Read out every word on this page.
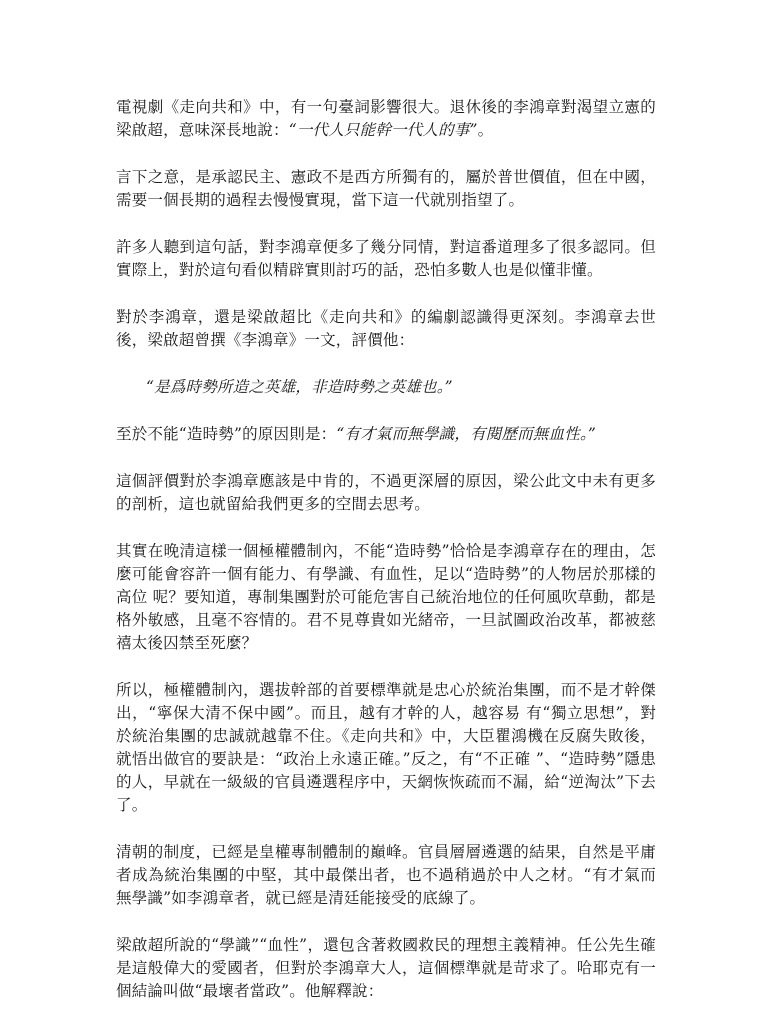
電視劇《走向共和》中，有一句臺詞影響很大。退休後的李鴻章對渴望立憲的梁啟超，意味深長地說：“一代人只能幹一代人的事”。

言下之意，是承認民主、憲政不是西方所獨有的，屬於普世價值，但在中國，需要一個長期的過程去慢慢實現，當下這一代就別指望了。

許多人聽到這句話，對李鴻章便多了幾分同情，對這番道理多了很多認同。但實際上，對於這句看似精辟實則討巧的話，恐怕多數人也是似懂非懂。

對於李鴻章，還是梁啟超比《走向共和》的編劇認識得更深刻。李鴻章去世後，梁啟超曾撰《李鴻章》一文，評價他：

“是爲時勢所造之英雄，非造時勢之英雄也。”

至於不能“造時勢”的原因則是：“有才氣而無學識，有閱歷而無血性。”

這個評價對於李鴻章應該是中肯的，不過更深層的原因，梁公此文中未有更多的剖析，這也就留給我們更多的空間去思考。

其實在晚清這樣一個極權體制內，不能“造時勢”恰恰是李鴻章存在的理由，怎麼可能會容許一個有能力、有學識、有血性，足以“造時勢”的人物居於那樣的高位 呢？要知道，專制集團對於可能危害自己統治地位的任何風吹草動，都是格外敏感，且毫不容情的。君不見尊貴如光緒帝，一旦試圖政治改革，都被慈禧太後囚禁至死麼？

所以，極權體制內，選拔幹部的首要標準就是忠心於統治集團，而不是才幹傑出，“寧保大清不保中國”。而且，越有才幹的人，越容易 有“獨立思想”，對於統治集團的忠誠就越靠不住。《走向共和》中，大臣瞿鴻機在反腐失敗後，就悟出做官的要訣是：“政治上永遠正確。”反之，有“不正確 ”、“造時勢”隱患的人，早就在一級級的官員遴選程序中，天網恢恢疏而不漏，給“逆淘汰”下去了。

清朝的制度，已經是皇權專制體制的巔峰。官員層層遴選的結果，自然是平庸者成為統治集團的中堅，其中最傑出者，也不過稍過於中人之材。“有才氣而無學識”如李鴻章者，就已經是清廷能接受的底線了。

梁啟超所說的“學識”“血性”，還包含著救國救民的理想主義精神。任公先生確是這般偉大的愛國者，但對於李鴻章大人，這個標準就是苛求了。哈耶克有一個結論叫做“最壞者當政”。他解釋說：
